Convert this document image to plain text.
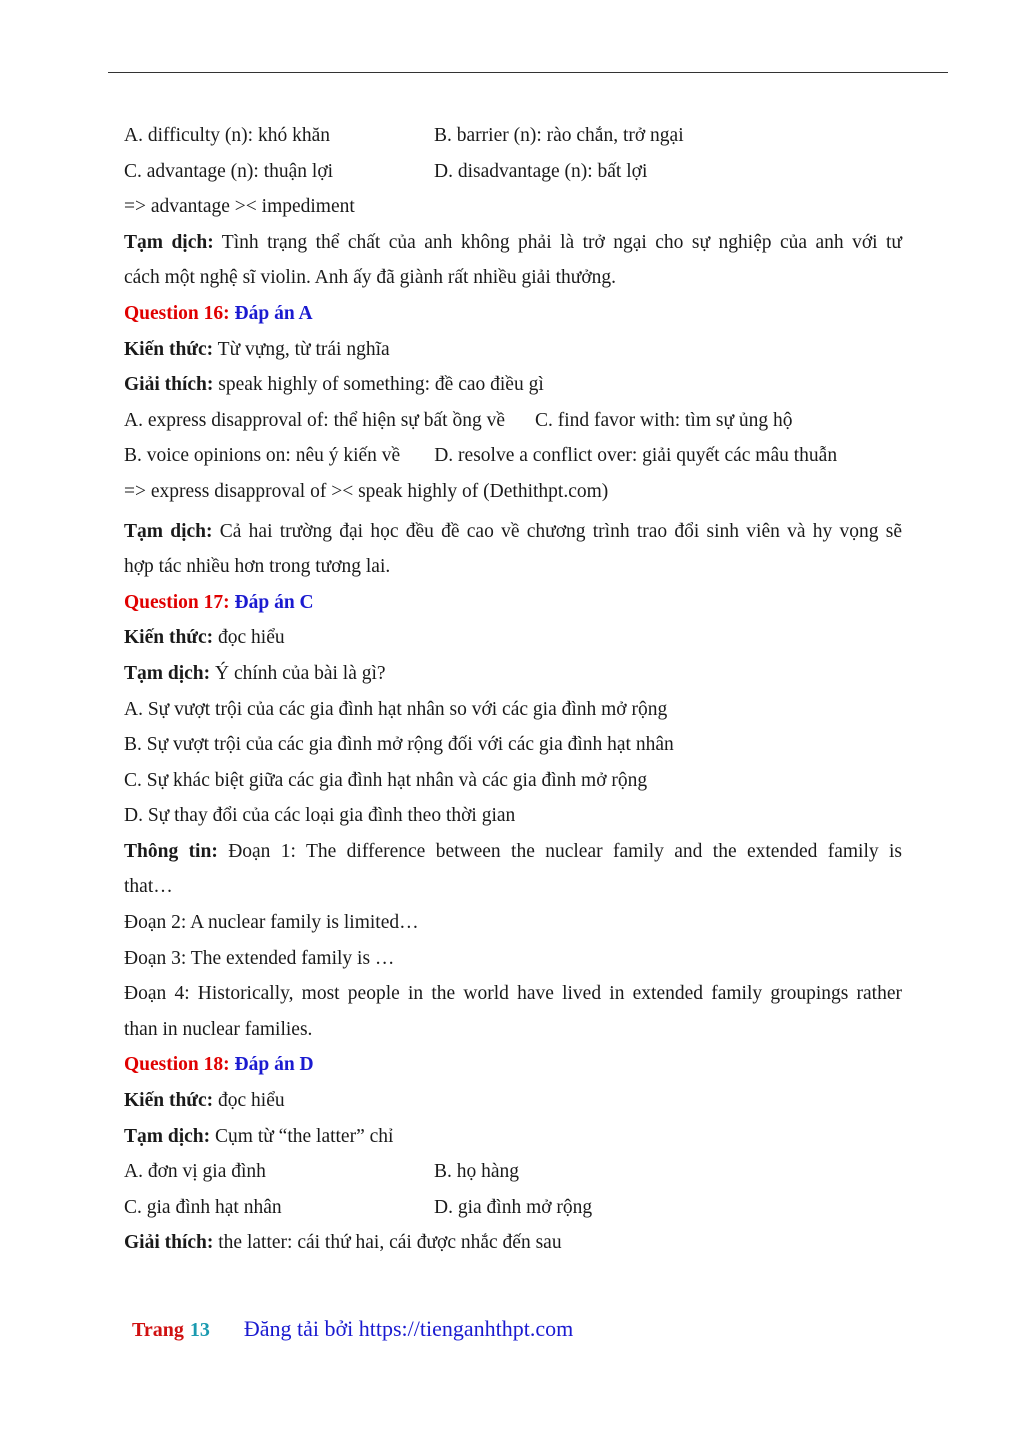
A. difficulty (n): khó khăn	B. barrier (n): rào chắn, trở ngại
C. advantage (n): thuận lợi	D. disadvantage (n): bất lợi
=> advantage >< impediment
Tạm dịch: Tình trạng thể chất của anh không phải là trở ngại cho sự nghiệp của anh với tư
cách một nghệ sĩ violin. Anh ấy đã giành rất nhiều giải thưởng.
Question 16: Đáp án A
Kiến thức: Từ vựng, từ trái nghĩa
Giải thích: speak highly of something: đề cao điều gì
A. express disapproval of: thể hiện sự bất ồng về C. find favor with: tìm sự ủng hộ
B. voice opinions on: nêu ý kiến về D. resolve a conflict over: giải quyết các mâu thuẫn
=> express disapproval of >< speak highly of (Dethithpt.com)
Tạm dịch: Cả hai trường đại học đều đề cao về chương trình trao đổi sinh viên và hy vọng sẽ
hợp tác nhiều hơn trong tương lai.
Question 17: Đáp án C
Kiến thức: đọc hiểu
Tạm dịch: Ý chính của bài là gì?
A. Sự vượt trội của các gia đình hạt nhân so với các gia đình mở rộng
B. Sự vượt trội của các gia đình mở rộng đối với các gia đình hạt nhân
C. Sự khác biệt giữa các gia đình hạt nhân và các gia đình mở rộng
D. Sự thay đổi của các loại gia đình theo thời gian
Thông tin: Đoạn 1: The difference between the nuclear family and the extended family is
that…
Đoạn 2: A nuclear family is limited…
Đoạn 3: The extended family is …
Đoạn 4: Historically, most people in the world have lived in extended family groupings rather
than in nuclear families.
Question 18: Đáp án D
Kiến thức: đọc hiểu
Tạm dịch: Cụm từ “the latter” chỉ
A. đơn vị gia đình	B. họ hàng
C. gia đình hạt nhân	D. gia đình mở rộng
Giải thích: the latter: cái thứ hai, cái được nhắc đến sau
Trang 13 Đăng tải bởi https://tienganhthpt.com
